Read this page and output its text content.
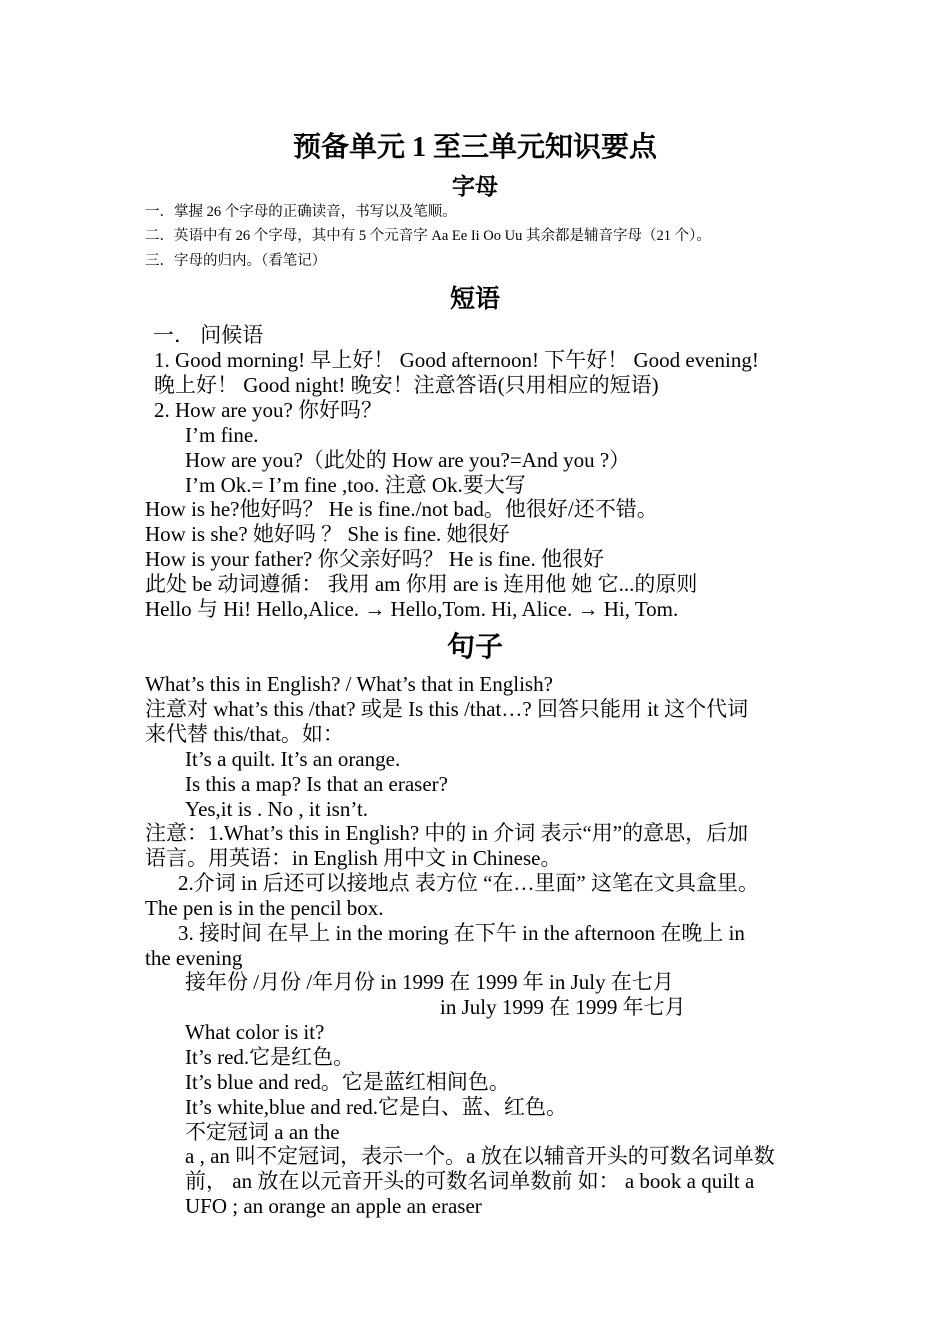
预备单元 1 至三单元知识要点
字母
一．掌握 26 个字母的正确读音，书写以及笔顺。
二．英语中有 26 个字母，其中有 5 个元音字 Aa Ee Ii Oo Uu 其余都是辅音字母（21 个）。
三．字母的归内。（看笔记）
短语
一． 问候语
1. Good morning! 早上好！ Good afternoon! 下午好！ Good evening!
晚上好！ Good night! 晚安！注意答语(只用相应的短语)
2. How are you? 你好吗？
I’m fine.
How are you?（此处的 How are you?=And you ?）
I’m Ok.= I’m fine ,too. 注意 Ok.要大写
How is he?他好吗？ He is fine./not bad。他很好/还不错。
How is she? 她好吗 ？ She is fine. 她很好
How is your father? 你父亲好吗？ He is fine. 他很好
此处 be 动词遵循： 我用 am 你用 are is 连用他 她 它...的原则
Hello 与 Hi! Hello,Alice. → Hello,Tom. Hi, Alice. → Hi, Tom.
句子
What’s this in English? / What’s that in English?
注意对 what’s this /that? 或是 Is this /that…? 回答只能用 it 这个代词
来代替 this/that。如：
It’s a quilt. It’s an orange.
Is this a map? Is that an eraser?
Yes,it is . No , it isn’t.
注意：1.What’s this in English? 中的 in 介词 表示“用”的意思，后加
语言。用英语：in English 用中文 in Chinese。
2.介词 in 后还可以接地点 表方位 “在…里面” 这笔在文具盒里。
The pen is in the pencil box.
3. 接时间 在早上 in the moring 在下午 in the afternoon 在晚上 in
the evening
接年份 /月份 /年月份 in 1999 在 1999 年 in July 在七月
in July 1999 在 1999 年七月
What color is it?
It’s red.它是红色。
It’s blue and red。它是蓝红相间色。
It’s white,blue and red.它是白、蓝、红色。
不定冠词 a an the
a , an 叫不定冠词，表示一个。a 放在以辅音开头的可数名词单数
前， an 放在以元音开头的可数名词单数前 如： a book a quilt a
UFO ; an orange an apple an eraser
